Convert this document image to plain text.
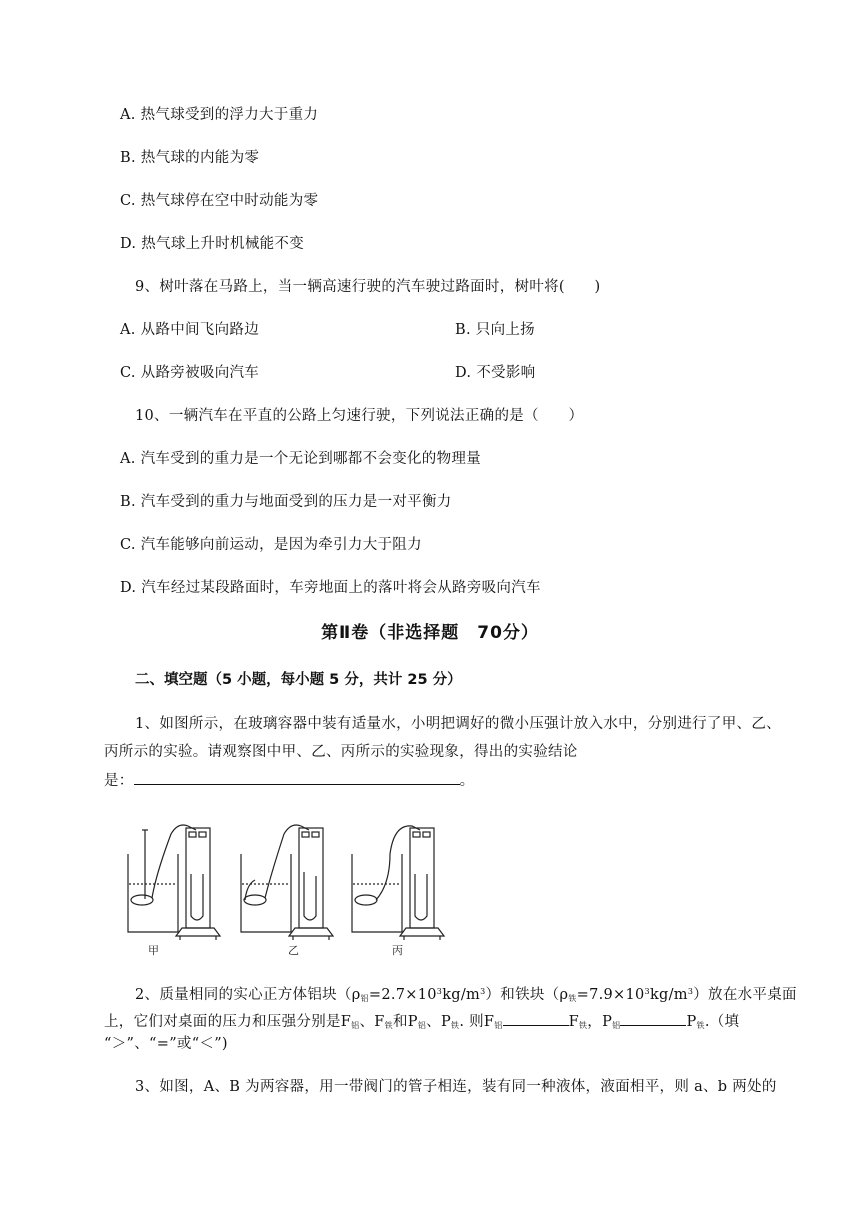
A. 热气球受到的浮力大于重力
B. 热气球的内能为零
C. 热气球停在空中时动能为零
D. 热气球上升时机械能不变
9、树叶落在马路上，当一辆高速行驶的汽车驶过路面时，树叶将(　　)
A. 从路中间飞向路边	B. 只向上扬
C. 从路旁被吸向汽车	D. 不受影响
10、一辆汽车在平直的公路上匀速行驶，下列说法正确的是（　　）
A. 汽车受到的重力是一个无论到哪都不会变化的物理量
B. 汽车受到的重力与地面受到的压力是一对平衡力
C. 汽车能够向前运动，是因为牵引力大于阻力
D. 汽车经过某段路面时，车旁地面上的落叶将会从路旁吸向汽车
第Ⅱ卷（非选择题　70分）
二、填空题（5 小题，每小题 5 分，共计 25 分）
1、如图所示，在玻璃容器中装有适量水，小明把调好的微小压强计放入水中，分别进行了甲、乙、
丙所示的实验。请观察图中甲、乙、丙所示的实验现象，得出的实验结论
是：	。
甲	乙	丙
2、质量相同的实心正方体铝块$(\rho_铝=2.7\times 10^3kg/m^3)$和铁块$(\rho_铁=7.9\times 10^3kg/m^3)$放在水平桌面
上，它们对桌面的压力和压强分别是$F_铝$、$F_铁$和$P_铝$、$P_铁$. 则$F_铝$	$F_铁$，$P_铝$	$P_铁$.（填
“＞”、“=”或“＜”)
3、如图，A、B 为两容器，用一带阀门的管子相连，装有同一种液体，液面相平，则 a、b 两处的
